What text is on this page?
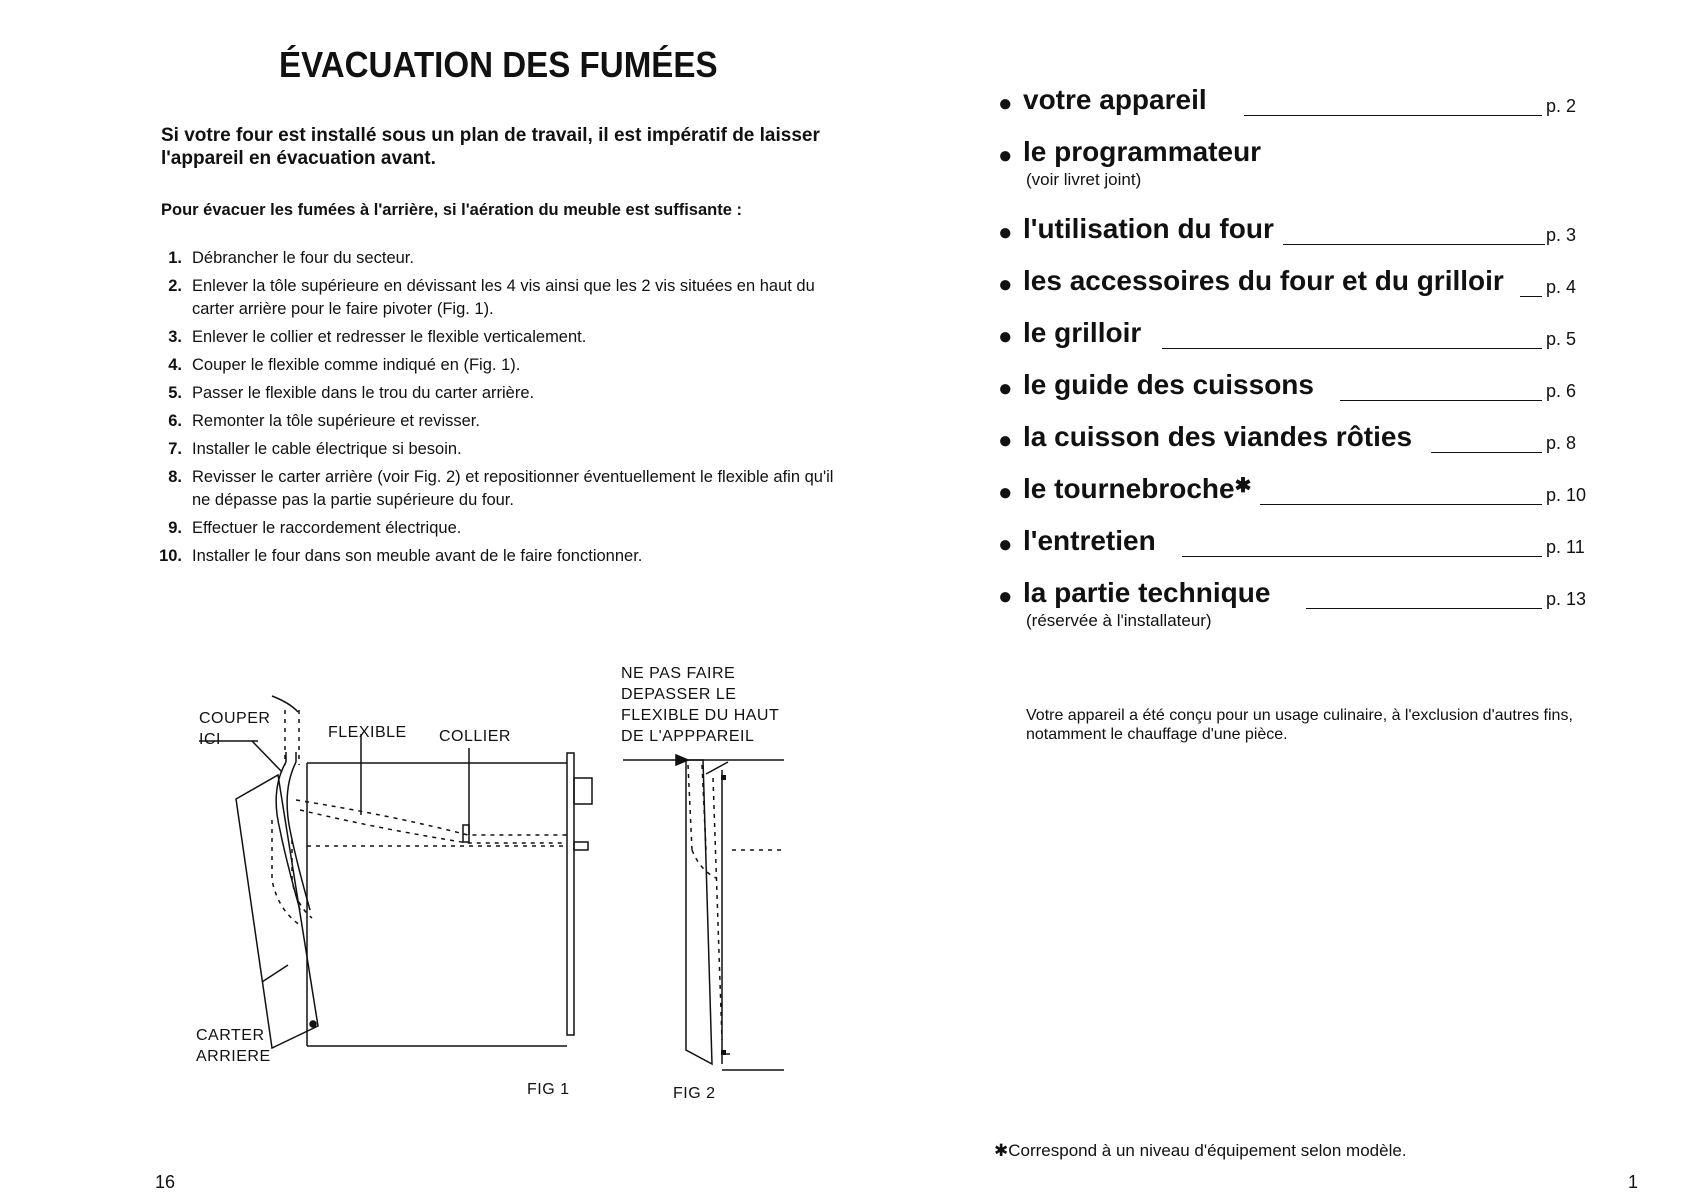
ÉVACUATION DES FUMÉES
Si votre four est installé sous un plan de travail, il est impératif de laisser l'appareil en évacuation avant.
Pour évacuer les fumées à l'arrière, si l'aération du meuble est suffisante :
1. Débrancher le four du secteur.
2. Enlever la tôle supérieure en dévissant les 4 vis ainsi que les 2 vis situées en haut du carter arrière pour le faire pivoter (Fig. 1).
3. Enlever le collier et redresser le flexible verticalement.
4. Couper le flexible comme indiqué en (Fig. 1).
5. Passer le flexible dans le trou du carter arrière.
6. Remonter la tôle supérieure et revisser.
7. Installer le cable électrique si besoin.
8. Revisser le carter arrière (voir Fig. 2) et repositionner éventuellement le flexible afin qu'il ne dépasse pas la partie supérieure du four.
9. Effectuer le raccordement électrique.
10. Installer le four dans son meuble avant de le faire fonctionner.
COUPER
ICI	FLEXIBLE COLLIER
NE PAS FAIRE
DEPASSER LE
FLEXIBLE DU HAUT
DE L'APPPAREIL
CARTER
ARRIERE
FIG 1	FIG 2
16
● votre appareil	p. 2
● le programmateur
(voir livret joint)
● l'utilisation du four	p. 3
● les accessoires du four et du grilloir p. 4
● le grilloir	p. 5
● le guide des cuissons	p. 6
● la cuisson des viandes rôties	p. 8
● le tournebroche✱	p. 10
● l'entretien	p. 11
● la partie technique	p. 13
(réservée à l'installateur)
Votre appareil a été conçu pour un usage culinaire, à l'exclusion d'autres fins, notamment le chauffage d'une pièce.
✱Correspond à un niveau d'équipement selon modèle.
1
